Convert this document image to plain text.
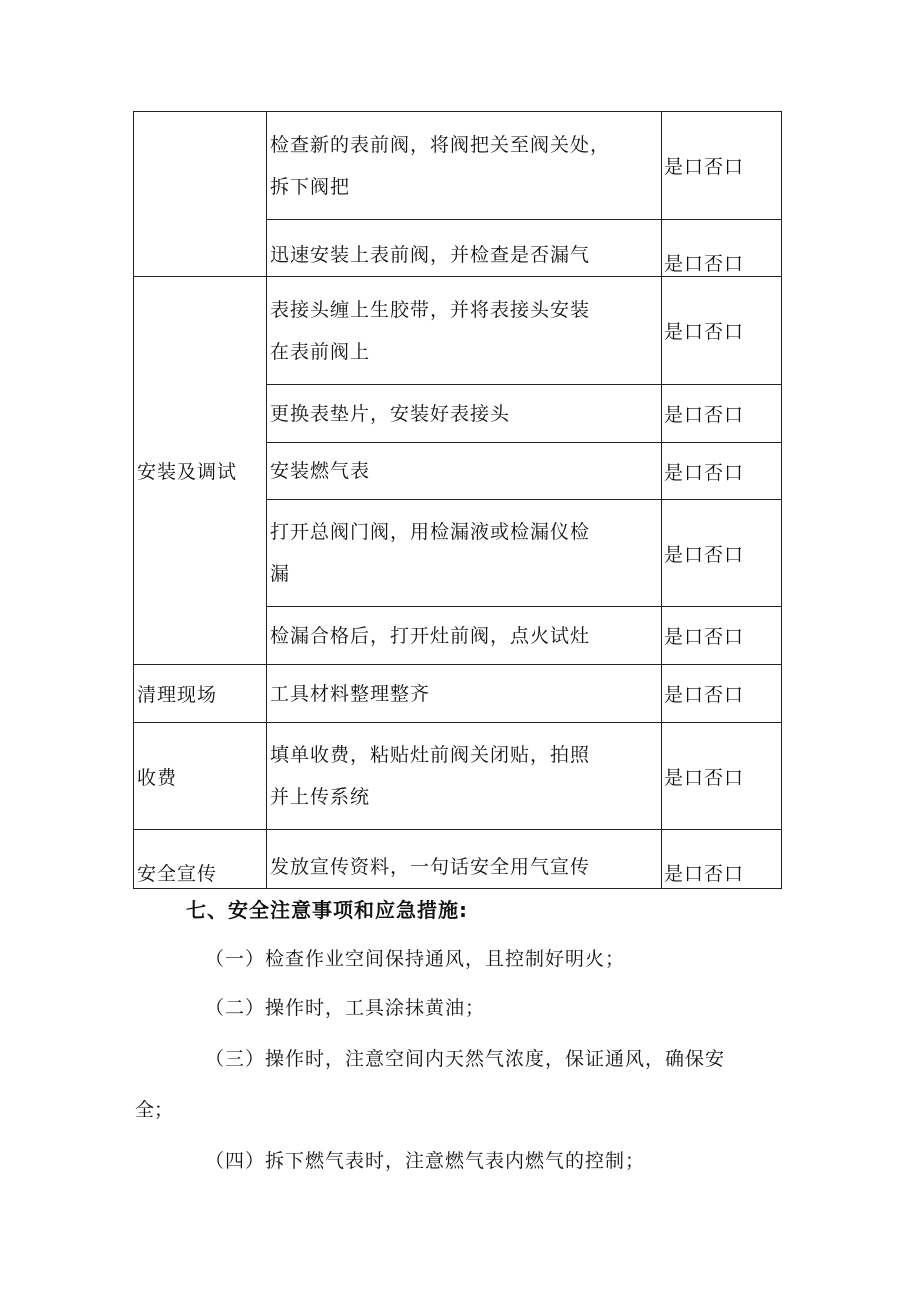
	检查新的表前阀，将阀把关至阀关处，
拆下阀把	是口否口
	迅速安装上表前阀，并检查是否漏气	是口否口
安装及调试	表接头缠上生胶带，并将表接头安装
在表前阀上	是口否口
	更换表垫片，安装好表接头	是口否口
	安装燃气表	是口否口

	打开总阀门阀，用检漏液或检漏仪检
漏	是口否口
	检漏合格后，打开灶前阀，点火试灶	是口否口
清理现场	工具材料整理整齐	是口否口
收费	填单收费，粘贴灶前阀关闭贴，拍照
并上传系统	是口否口
安全宣传	发放宣传资料，一句话安全用气宣传	是口否口
七、安全注意事项和应急措施:
（一）检查作业空间保持通风，且控制好明火；
（二）操作时，工具涂抹黄油；
（三）操作时，注意空间内天然气浓度，保证通风，确保安
全；
（四）拆下燃气表时，注意燃气表内燃气的控制；
